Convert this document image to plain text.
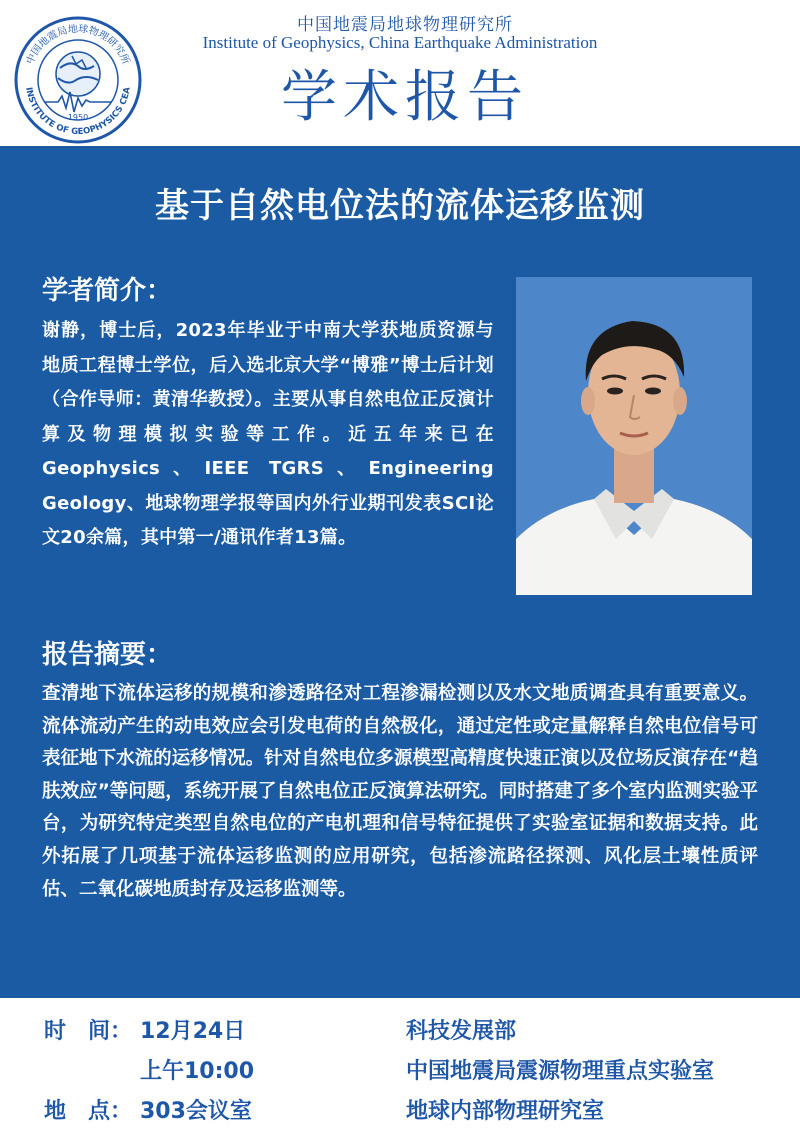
中国地震局地球物理研究所
INSTITUTE OF GEOPHYSICS CEA
1950
中国地震局地球物理研究所
Institute of Geophysics, China Earthquake Administration
学术报告
基于自然电位法的流体运移监测
学者简介：
谢静，博士后，2023年毕业于中南大学获地质资源与地质工程博士学位，后入选北京大学“博雅”博士后计划（合作导师：黄清华教授）。主要从事自然电位正反演计算及物理模拟实验等工作。近五年来已在Geophysics、IEEE TGRS、Engineering Geology、地球物理学报等国内外行业期刊发表SCI论文20余篇，其中第一/通讯作者13篇。
报告摘要：
查清地下流体运移的规模和渗透路径对工程渗漏检测以及水文地质调查具有重要意义。流体流动产生的动电效应会引发电荷的自然极化，通过定性或定量解释自然电位信号可表征地下水流的运移情况。针对自然电位多源模型高精度快速正演以及位场反演存在“趋肤效应”等问题，系统开展了自然电位正反演算法研究。同时搭建了多个室内监测实验平台，为研究特定类型自然电位的产电机理和信号特征提供了实验室证据和数据支持。此外拓展了几项基于流体运移监测的应用研究，包括渗流路径探测、风化层土壤性质评估、二氧化碳地质封存及运移监测等。
时　间： 12月24日
上午10:00
地　点： 303会议室
科技发展部
中国地震局震源物理重点实验室
地球内部物理研究室
